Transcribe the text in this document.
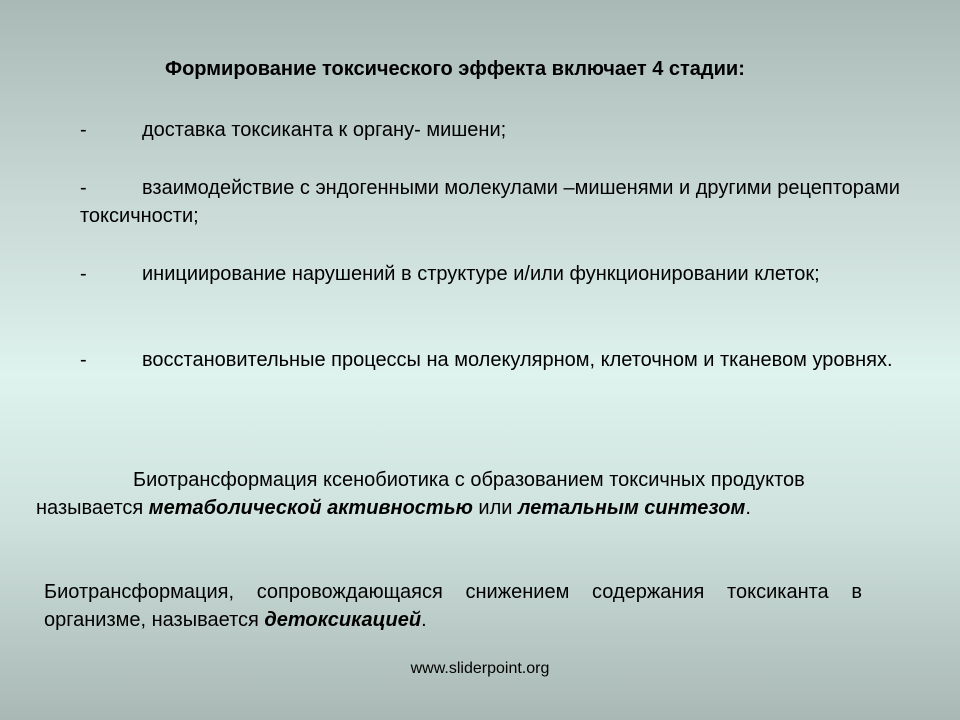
Формирование токсического эффекта включает 4 стадии:
-	доставка токсиканта к органу- мишени;
-	взаимодействие с эндогенными молекулами –мишенями и другими рецепторами токсичности;
-	инициирование нарушений в структуре и/или функционировании клеток;
-	восстановительные процессы на молекулярном, клеточном и тканевом уровнях.
Биотрансформация ксенобиотика с образованием токсичных продуктов называется метаболической активностью или летальным синтезом.
Биотрансформация, сопровождающаяся снижением содержания токсиканта в организме, называется детоксикацией.
www.sliderpoint.org
